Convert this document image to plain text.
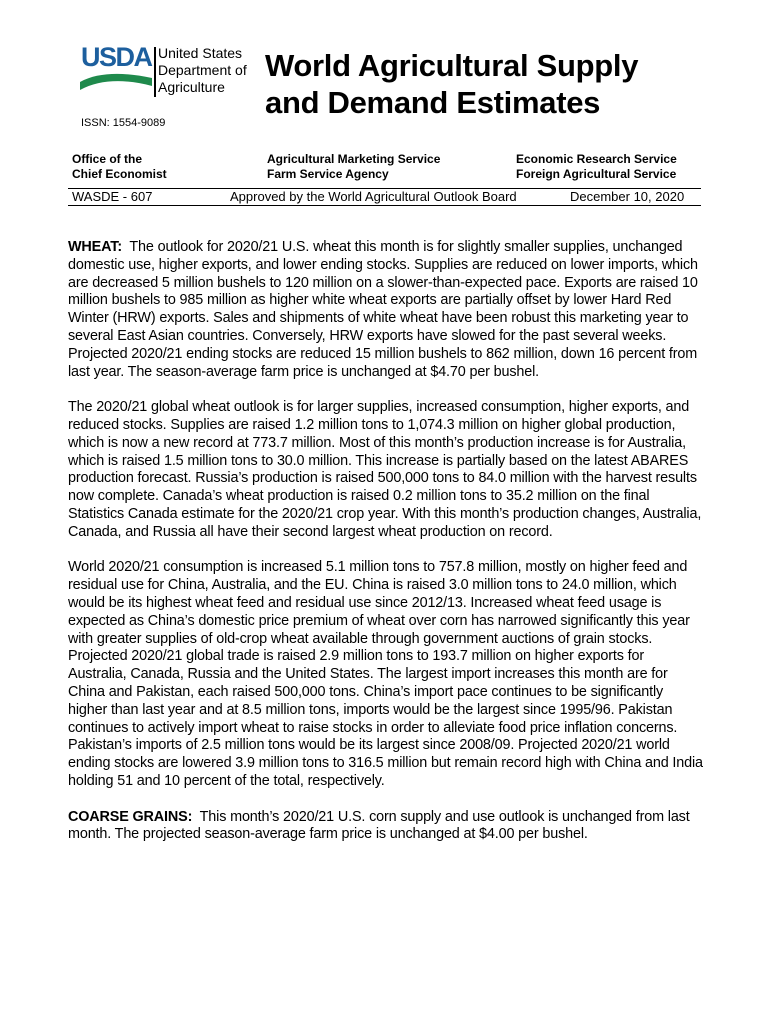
USDA United States
Department of
Agriculture
ISSN: 1554-9089
World Agricultural Supply
and Demand Estimates
Office of the
Chief Economist
Agricultural Marketing Service
Farm Service Agency
Economic Research Service
Foreign Agricultural Service
WASDE - 607	Approved by the World Agricultural Outlook Board	December 10, 2020

WHEAT: The outlook for 2020/21 U.S. wheat this month is for slightly smaller supplies, unchanged domestic use, higher exports, and lower ending stocks. Supplies are reduced on lower imports, which are decreased 5 million bushels to 120 million on a slower-than-expected pace. Exports are raised 10 million bushels to 985 million as higher white wheat exports are partially offset by lower Hard Red Winter (HRW) exports. Sales and shipments of white wheat have been robust this marketing year to several East Asian countries. Conversely, HRW exports have slowed for the past several weeks. Projected 2020/21 ending stocks are reduced 15 million bushels to 862 million, down 16 percent from last year. The season-average farm price is unchanged at $4.70 per bushel.

The 2020/21 global wheat outlook is for larger supplies, increased consumption, higher exports, and reduced stocks. Supplies are raised 1.2 million tons to 1,074.3 million on higher global production, which is now a new record at 773.7 million. Most of this month’s production increase is for Australia, which is raised 1.5 million tons to 30.0 million. This increase is partially based on the latest ABARES production forecast. Russia’s production is raised 500,000 tons to 84.0 million with the harvest results now complete. Canada’s wheat production is raised 0.2 million tons to 35.2 million on the final Statistics Canada estimate for the 2020/21 crop year. With this month’s production changes, Australia, Canada, and Russia all have their second largest wheat production on record.

World 2020/21 consumption is increased 5.1 million tons to 757.8 million, mostly on higher feed and residual use for China, Australia, and the EU. China is raised 3.0 million tons to 24.0 million, which would be its highest wheat feed and residual use since 2012/13. Increased wheat feed usage is expected as China’s domestic price premium of wheat over corn has narrowed significantly this year with greater supplies of old-crop wheat available through government auctions of grain stocks. Projected 2020/21 global trade is raised 2.9 million tons to 193.7 million on higher exports for Australia, Canada, Russia and the United States. The largest import increases this month are for China and Pakistan, each raised 500,000 tons. China’s import pace continues to be significantly higher than last year and at 8.5 million tons, imports would be the largest since 1995/96. Pakistan continues to actively import wheat to raise stocks in order to alleviate food price inflation concerns. Pakistan’s imports of 2.5 million tons would be its largest since 2008/09. Projected 2020/21 world ending stocks are lowered 3.9 million tons to 316.5 million but remain record high with China and India holding 51 and 10 percent of the total, respectively.

COARSE GRAINS: This month’s 2020/21 U.S. corn supply and use outlook is unchanged from last month. The projected season-average farm price is unchanged at $4.00 per bushel.
